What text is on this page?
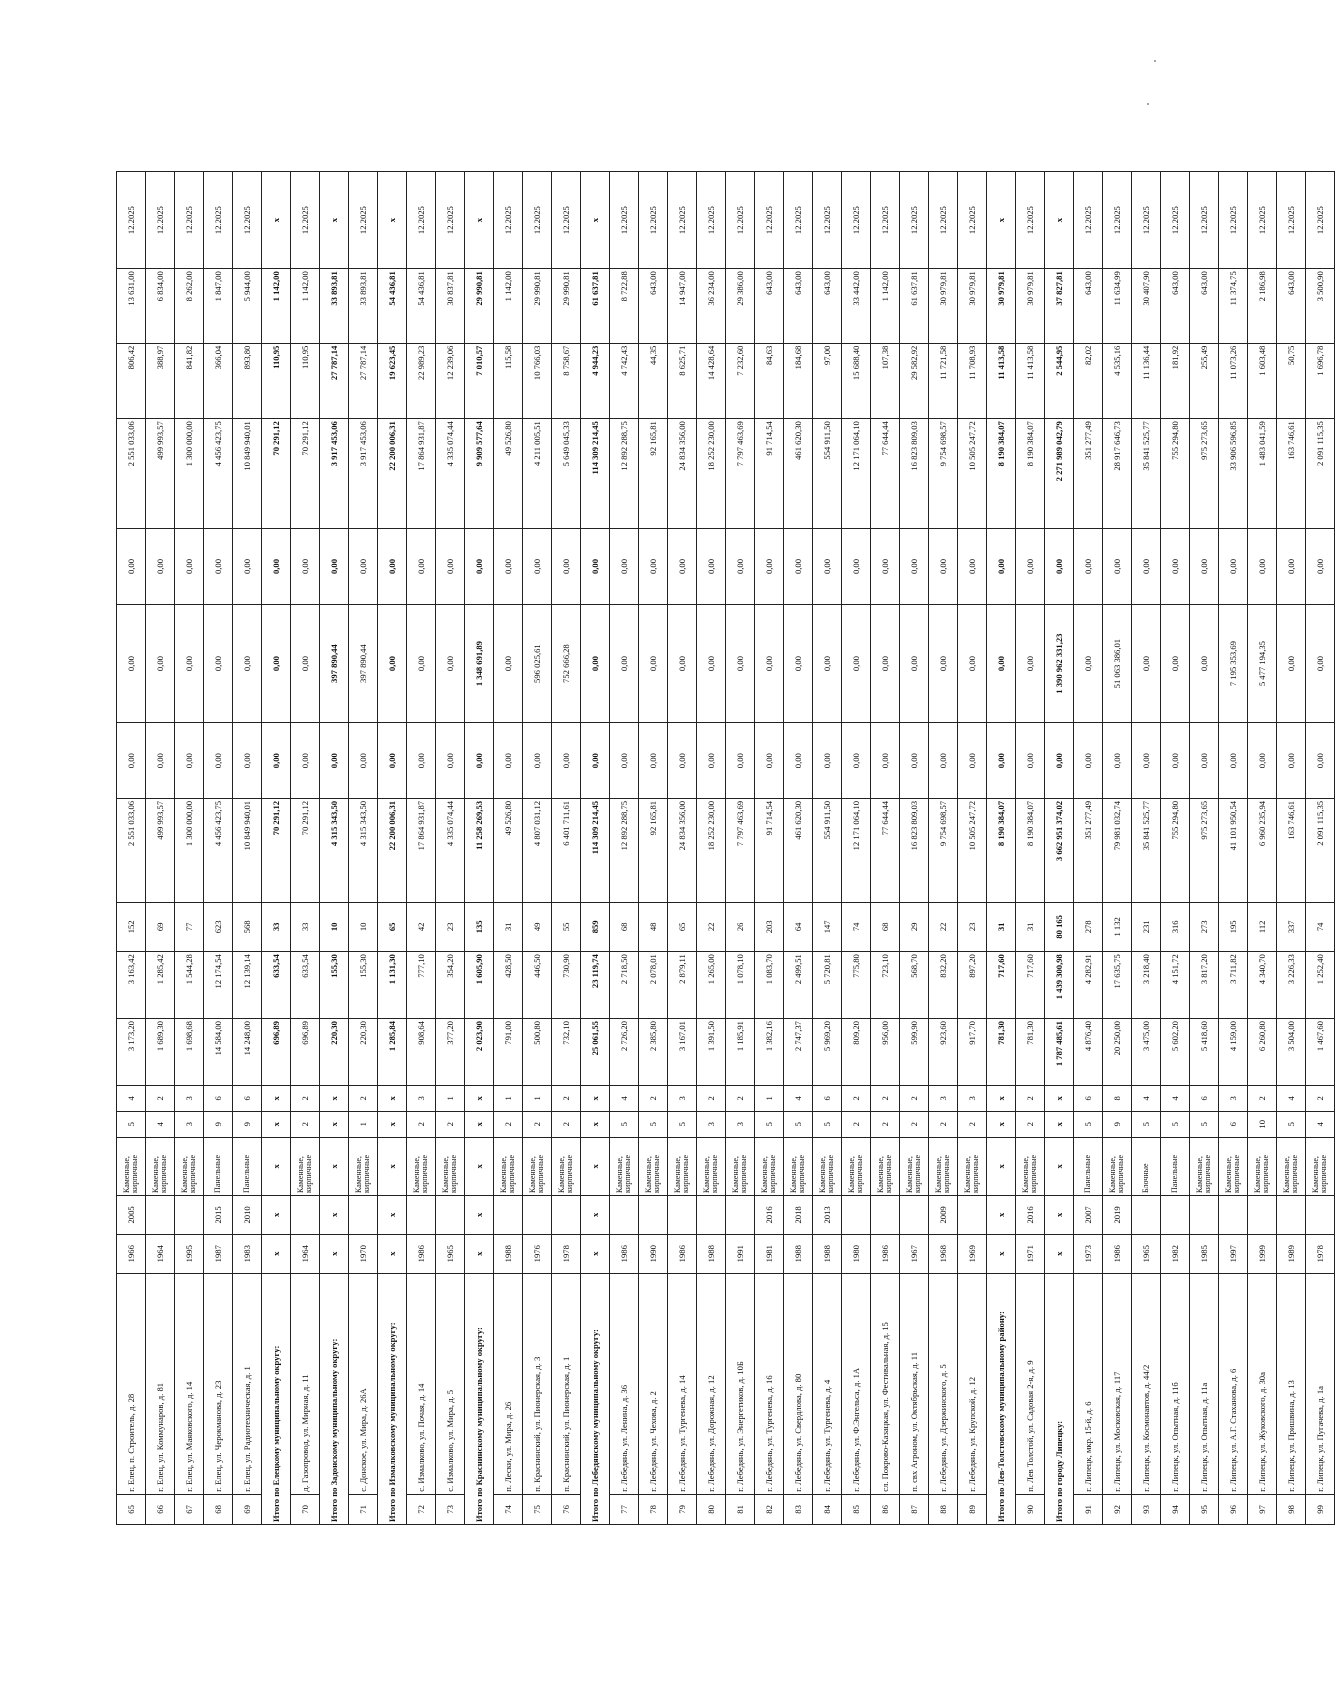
65	г. Елец, п. Строитель, д. 28	1966	2005	Каменные, кирпичные	5	4	3 173,20	3 163,42	152	2 551 033,06	0,00	0,00	0,00	2 551 033,06	806,42	13 631,00	12.2025
66	г. Елец, ул. Коммунаров, д. 81	1964		Каменные, кирпичные	4	2	1 689,30	1 285,42	69	499 993,57	0,00	0,00	0,00	499 993,57	388,97	6 834,00	12.2025
67	г. Елец, ул. Маяковского, д. 14	1995		Каменные, кирпичные	3	3	1 698,68	1 544,28	77	1 300 000,00	0,00	0,00	0,00	1 300 000,00	841,82	8 262,00	12.2025
68	г. Елец, ул. Черокманова, д. 23	1987	2015	Панельные	9	6	14 584,00	12 174,54	623	4 456 423,75	0,00	0,00	0,00	4 456 423,75	366,04	1 847,00	12.2025
69	г. Елец, ул. Радиотехническая, д. 1	1983	2010	Панельные	9	6	14 248,00	12 139,14	568	10 849 940,01	0,00	0,00	0,00	10 849 940,01	893,80	5 944,00	12.2025
Итого по Елецкому муниципальному округу:		х	х	х	х	х	696,89	633,54	33	70 291,12	0,00	0,00	0,00	70 291,12	110,95	1 142,00	х
70	д. Газопровод, ул. Мирная, д. 11	1964		Каменные, кирпичные	2	2	696,89	633,54	33	70 291,12	0,00	0,00	0,00	70 291,12	110,95	1 142,00	12.2025
Итого по Задонскому муниципальному округу:		х	х	х	х	х	220,30	155,30	10	4 315 343,50	0,00	397 890,44	0,00	3 917 453,06	27 787,14	33 893,81	х
71	с. Донское, ул. Мира, д. 26А	1970		Каменные, кирпичные	1	2	220,30	155,30	10	4 315 343,50	0,00	397 890,44	0,00	3 917 453,06	27 787,14	33 893,81	12.2025
Итого по Измалковскому муниципальному округу:		х	х	х	х	х	1 285,84	1 131,30	65	22 200 006,31	0,00	0,00	0,00	22 200 006,31	19 623,45	54 436,81	х
72	с. Измалково, ул. Почая, д. 14	1986		Каменные, кирпичные	2	3	908,64	777,10	42	17 864 931,87	0,00	0,00	0,00	17 864 931,87	22 989,23	54 436,81	12.2025
73	с. Измалково, ул. Мира, д. 5	1965		Каменные, кирпичные	2	1	377,20	354,20	23	4 335 074,44	0,00	0,00	0,00	4 335 074,44	12 239,06	30 837,81	12.2025
Итого по Краснинскому муниципальному округу:		х	х	х	х	х	2 023,90	1 605,90	135	11 258 269,53	0,00	1 348 691,89	0,00	9 909 577,64	7 010,57	29 990,81	х
74	п. Лески, ул. Мира, д. 26	1988		Каменные, кирпичные	2	1	791,00	428,50	31	49 526,80	0,00	0,00	0,00	49 526,80	115,58	1 142,00	12.2025
75	п. Краснинский, ул. Пионерская, д. 3	1976		Каменные, кирпичные	2	1	500,80	446,50	49	4 807 031,12	0,00	596 025,61	0,00	4 211 005,51	10 766,03	29 990,81	12.2025
76	п. Краснинский, ул. Пионерская, д. 1	1978		Каменные, кирпичные	2	2	732,10	730,90	55	6 401 711,61	0,00	752 666,28	0,00	5 649 045,33	8 758,67	29 990,81	12.2025
Итого по Лебедянскому муниципальному округу:		х	х	х	х	х	25 061,55	23 119,74	859	114 309 214,45	0,00	0,00	0,00	114 309 214,45	4 944,23	61 637,81	х
77	г. Лебедянь, ул. Ленина, д. 36	1986		Каменные, кирпичные	5	4	2 726,20	2 718,50	68	12 892 288,75	0,00	0,00	0,00	12 892 288,75	4 742,43	8 722,88	12.2025
78	г. Лебедянь, ул. Чехова, д. 2	1990		Каменные, кирпичные	5	2	2 385,80	2 078,01	48	92 165,81	0,00	0,00	0,00	92 165,81	44,35	643,00	12.2025
79	г. Лебедянь, ул. Тургенева, д. 14	1986		Каменные, кирпичные	5	3	3 167,01	2 879,11	65	24 834 356,00	0,00	0,00	0,00	24 834 356,00	8 625,71	14 947,00	12.2025
80	г. Лебедянь, ул. Дорожная, д. 12	1988		Каменные, кирпичные	3	2	1 391,50	1 265,00	22	18 252 230,00	0,00	0,00	0,00	18 252 230,00	14 428,64	36 234,00	12.2025
81	г. Лебедянь, ул. Энергетиков, д. 10Б	1991		Каменные, кирпичные	3	2	1 185,91	1 078,10	26	7 797 463,69	0,00	0,00	0,00	7 797 463,69	7 232,60	29 386,00	12.2025
82	г. Лебедянь, ул. Тургенева, д. 16	1981	2016	Каменные, кирпичные	5	1	1 382,16	1 083,70	203	91 714,54	0,00	0,00	0,00	91 714,54	84,63	643,00	12.2025
83	г. Лебедянь, ул. Свердлова, д. 80	1988	2018	Каменные, кирпичные	5	4	2 747,37	2 499,51	64	461 620,30	0,00	0,00	0,00	461 620,30	184,68	643,00	12.2025
84	г. Лебедянь, ул. Тургенева, д. 4	1988	2013	Каменные, кирпичные	5	6	5 969,20	5 720,81	147	554 911,50	0,00	0,00	0,00	554 911,50	97,00	643,00	12.2025
85	г. Лебедянь, ул. Ф.Энгельса, д. 1А	1980		Каменные, кирпичные	2	2	809,20	775,80	74	12 171 064,10	0,00	0,00	0,00	12 171 064,10	15 688,40	33 442,00	12.2025
86	сл. Покрово-Казацкая, ул. Фестивальная, д. 15	1986		Каменные, кирпичные	2	2	956,00	723,10	68	77 644,44	0,00	0,00	0,00	77 644,44	107,38	1 142,00	12.2025
87	п. свх Агроном, ул. Октябрьская, д. 11	1967		Каменные, кирпичные	2	2	599,90	568,70	29	16 823 809,03	0,00	0,00	0,00	16 823 809,03	29 582,92	61 637,81	12.2025
88	г. Лебедянь, ул. Дзержинского, д. 5	1968	2009	Каменные, кирпичные	2	3	923,60	832,20	22	9 754 698,57	0,00	0,00	0,00	9 754 698,57	11 721,58	30 979,81	12.2025
89	г. Лебедянь, ул. Крупской, д. 12	1969		Каменные, кирпичные	2	3	917,70	897,20	23	10 505 247,72	0,00	0,00	0,00	10 505 247,72	11 708,93	30 979,81	12.2025
Итого по Лев-Толстовскому муниципальному району:		х	х	х	х	х	781,30	717,60	31	8 190 384,07	0,00	0,00	0,00	8 190 384,07	11 413,58	30 979,81	х
90	п. Лев Толстой, ул. Садовая 2-я, д. 9	1971	2016	Каменные, кирпичные	2	2	781,30	717,60	31	8 190 384,07	0,00	0,00	0,00	8 190 384,07	11 413,58	30 979,81	12.2025
Итого по городу Липецку:		х	х	х	х	х	1 787 485,61	1 439 300,98	80 165	3 662 951 374,02	0,00	1 390 962 331,23	0,00	2 271 989 042,79	2 544,95	37 827,81	х
91	г. Липецк, мкр. 15-й, д. 6	1973	2007	Панельные	5	6	4 876,40	4 282,91	278	351 277,49	0,00	0,00	0,00	351 277,49	82,02	643,00	12.2025
92	г. Липецк, ул. Московская, д. 117	1986	2019	Каменные, кирпичные	9	8	20 250,00	17 635,75	1 132	79 981 032,74	0,00	51 063 386,01	0,00	28 917 646,73	4 535,16	11 634,99	12.2025
93	г. Липецк, ул. Космонавтов, д. 44/2	1965		Блочные	5	4	3 475,00	3 218,40	231	35 841 525,77	0,00	0,00	0,00	35 841 525,77	11 136,44	30 407,90	12.2025
94	г. Липецк, ул. Опытная, д. 11б	1982		Панельные	5	4	5 602,20	4 151,72	316	755 294,80	0,00	0,00	0,00	755 294,80	181,92	643,00	12.2025
95	г. Липецк, ул. Опытная, д. 11а	1985		Каменные, кирпичные	5	6	5 418,60	3 817,20	273	975 273,65	0,00	0,00	0,00	975 273,65	255,49	643,00	12.2025
96	г. Липецк, ул. А.Г. Стаханова, д. 6	1997		Каменные, кирпичные	6	3	4 159,00	3 711,82	195	41 101 950,54	0,00	7 195 353,69	0,00	33 906 596,85	11 073,26	11 374,75	12.2025
97	г. Липецк, ул. Жуковского, д. 30а	1999		Каменные, кирпичные	10	2	6 260,80	4 340,70	112	6 960 235,94	0,00	5 477 194,35	0,00	1 483 041,59	1 603,48	2 186,98	12.2025
98	г. Липецк, ул. Пришвина, д. 13	1989		Каменные, кирпичные	5	4	3 504,00	3 226,33	337	163 746,61	0,00	0,00	0,00	163 746,61	50,75	643,00	12.2025
99	г. Липецк, ул. Пугачева, д. 1а	1978		Каменные, кирпичные	4	2	1 467,60	1 252,40	74	2 091 115,35	0,00	0,00	0,00	2 091 115,35	1 696,78	3 500,90	12.2025
